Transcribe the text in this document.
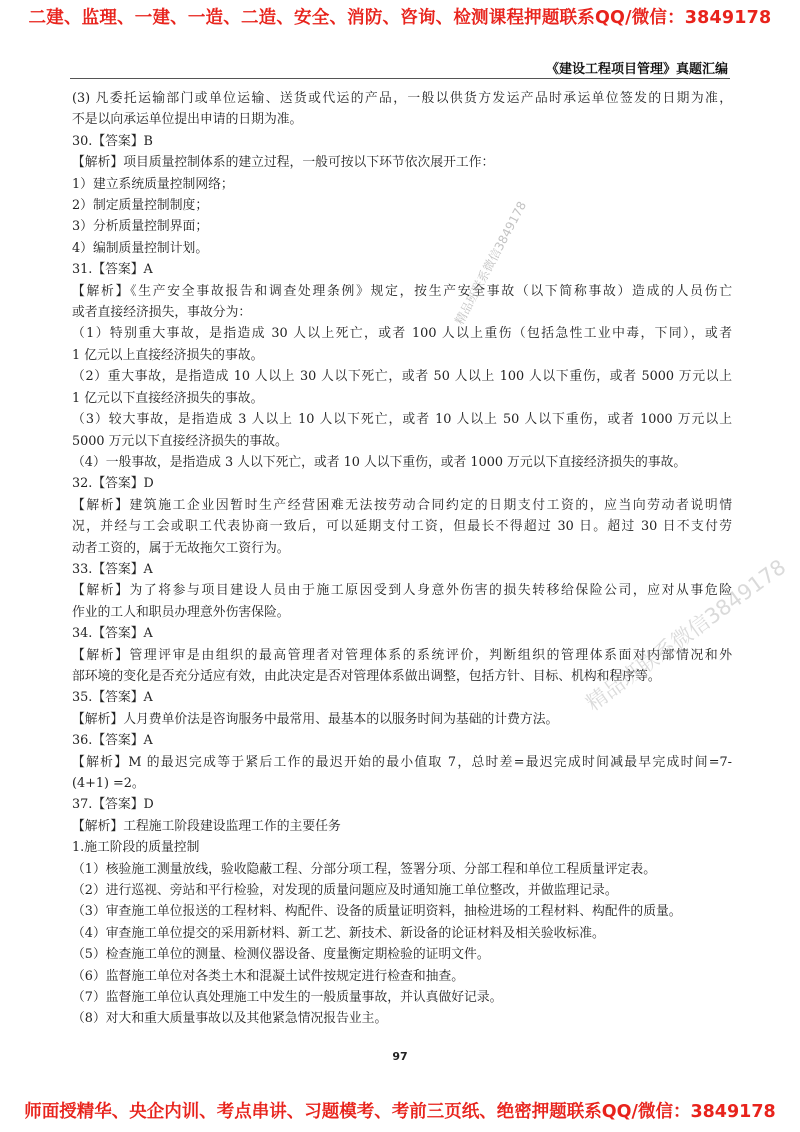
二建、监理、一建、一造、二造、安全、消防、咨询、检测课程押题联系QQ/微信：3849178
《建设工程项目管理》真题汇编
(3) 凡委托运输部门或单位运输、送货或代运的产品，一般以供货方发运产品时承运单位签发的日期为准，
不是以向承运单位提出申请的日期为准。
30.【答案】B
【解析】项目质量控制体系的建立过程，一般可按以下环节依次展开工作：
1）建立系统质量控制网络；
2）制定质量控制制度；
3）分析质量控制界面；
4）编制质量控制计划。
31.【答案】A
【解析】《生产安全事故报告和调查处理条例》规定，按生产安全事故（以下简称事故）造成的人员伤亡
或者直接经济损失，事故分为：
（1）特别重大事故，是指造成 30 人以上死亡，或者 100 人以上重伤（包括急性工业中毒，下同），或者
1 亿元以上直接经济损失的事故。
（2）重大事故，是指造成 10 人以上 30 人以下死亡，或者 50 人以上 100 人以下重伤，或者 5000 万元以上
1 亿元以下直接经济损失的事故。
（3）较大事故，是指造成 3 人以上 10 人以下死亡，或者 10 人以上 50 人以下重伤，或者 1000 万元以上
5000 万元以下直接经济损失的事故。
（4）一般事故，是指造成 3 人以下死亡，或者 10 人以下重伤，或者 1000 万元以下直接经济损失的事故。
32.【答案】D
【解析】建筑施工企业因暂时生产经营困难无法按劳动合同约定的日期支付工资的，应当向劳动者说明情
况，并经与工会或职工代表协商一致后，可以延期支付工资，但最长不得超过 30 日。超过 30 日不支付劳
动者工资的，属于无故拖欠工资行为。
33.【答案】A
【解析】为了将参与项目建设人员由于施工原因受到人身意外伤害的损失转移给保险公司，应对从事危险
作业的工人和职员办理意外伤害保险。
34.【答案】A
【解析】管理评审是由组织的最高管理者对管理体系的系统评价，判断组织的管理体系面对内部情况和外
部环境的变化是否充分适应有效，由此决定是否对管理体系做出调整，包括方针、目标、机构和程序等。
35.【答案】A
【解析】人月费单价法是咨询服务中最常用、最基本的以服务时间为基础的计费方法。
36.【答案】A
【解析】M 的最迟完成等于紧后工作的最迟开始的最小值取 7，总时差=最迟完成时间减最早完成时间=7-
(4+1) =2。
37.【答案】D
【解析】工程施工阶段建设监理工作的主要任务
1.施工阶段的质量控制
（1）核验施工测量放线，验收隐蔽工程、分部分项工程，签署分项、分部工程和单位工程质量评定表。
（2）进行巡视、旁站和平行检验，对发现的质量问题应及时通知施工单位整改，并做监理记录。
（3）审查施工单位报送的工程材料、构配件、设备的质量证明资料，抽检进场的工程材料、构配件的质量。
（4）审查施工单位提交的采用新材料、新工艺、新技术、新设备的论证材料及相关验收标准。
（5）检查施工单位的测量、检测仪器设备、度量衡定期检验的证明文件。
（6）监督施工单位对各类土木和混凝土试件按规定进行检查和抽查。
（7）监督施工单位认真处理施工中发生的一般质量事故，并认真做好记录。
（8）对大和重大质量事故以及其他紧急情况报告业主。
精品班联系微信3849178
精品班联系微信3849178
97
师面授精华、央企内训、考点串讲、习题模考、考前三页纸、绝密押题联系QQ/微信：3849178
